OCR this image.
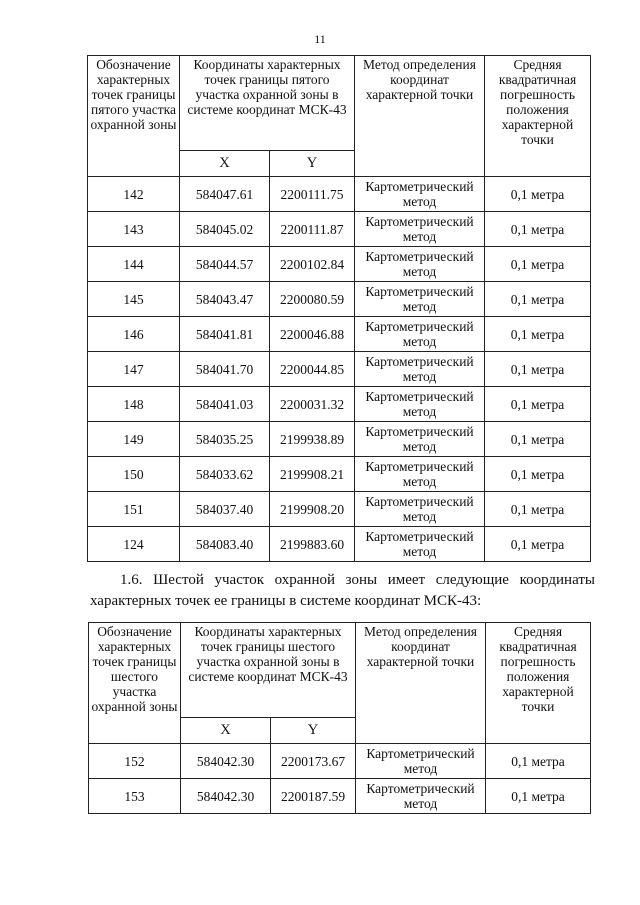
11
Обозначение характерных точек границы пятого участка охранной зоны	Координаты характерных точек границы пятого участка охранной зоны в системе координат МСК-43		Метод определения координат характерной точки	Средняя квадратичная погрешность положения характерной точки
	X	Y		
142	584047.61	2200111.75	Картометрический метод	0,1 метра
143	584045.02	2200111.87	Картометрический метод	0,1 метра
144	584044.57	2200102.84	Картометрический метод	0,1 метра
145	584043.47	2200080.59	Картометрический метод	0,1 метра
146	584041.81	2200046.88	Картометрический метод	0,1 метра
147	584041.70	2200044.85	Картометрический метод	0,1 метра
148	584041.03	2200031.32	Картометрический метод	0,1 метра
149	584035.25	2199938.89	Картометрический метод	0,1 метра
150	584033.62	2199908.21	Картометрический метод	0,1 метра
151	584037.40	2199908.20	Картометрический метод	0,1 метра
124	584083.40	2199883.60	Картометрический метод	0,1 метра
1.6. Шестой участок охранной зоны имеет следующие координаты характерных точек ее границы в системе координат МСК-43:
Обозначение характерных точек границы шестого участка охранной зоны	Координаты характерных точек границы шестого участка охранной зоны в системе координат МСК-43		Метод определения координат характерной точки	Средняя квадратичная погрешность положения характерной точки
	X	Y		
152	584042.30	2200173.67	Картометрический метод	0,1 метра
153	584042.30	2200187.59	Картометрический метод	0,1 метра
